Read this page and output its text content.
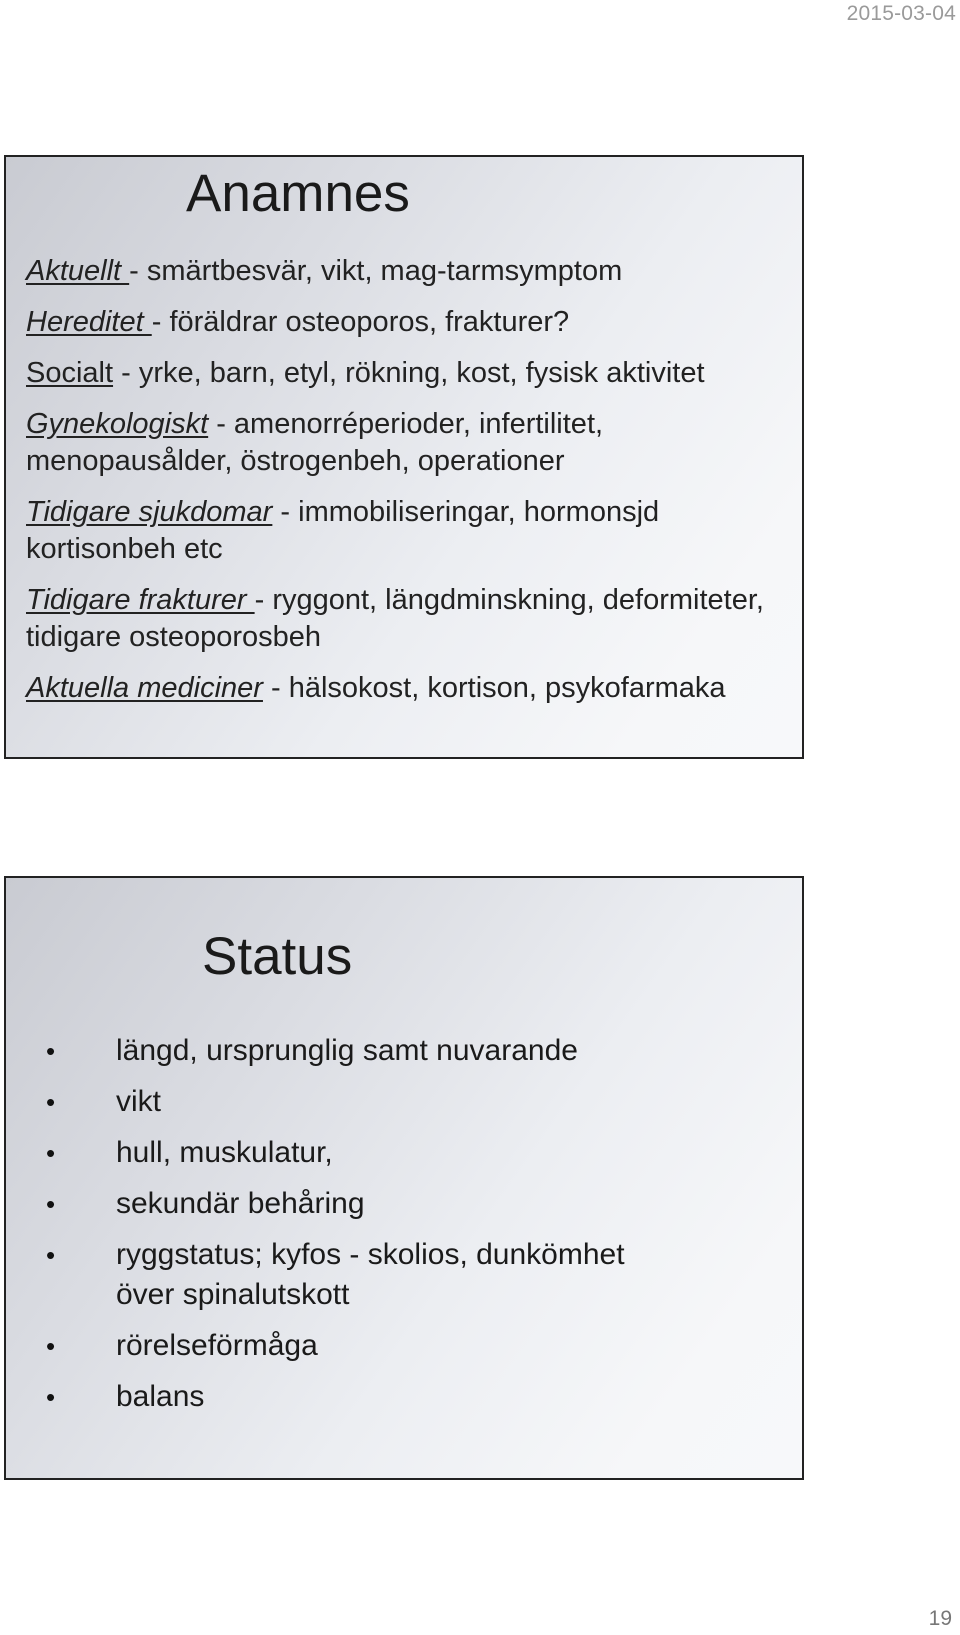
2015-03-04
Anamnes
Aktuellt - smärtbesvär, vikt, mag-tarmsymptom
Hereditet - föräldrar osteoporos, frakturer?
Socialt - yrke, barn, etyl, rökning, kost, fysisk aktivitet
Gynekologiskt - amenorréperioder, infertilitet, menopausålder, östrogenbeh, operationer
Tidigare sjukdomar - immobiliseringar, hormonsjd kortisonbeh etc
Tidigare frakturer - ryggont, längdminskning, deformiteter, tidigare osteoporosbeh
Aktuella mediciner - hälsokost, kortison, psykofarmaka
Status
• längd, ursprunglig samt nuvarande
• vikt
• hull, muskulatur,
• sekundär behåring
• ryggstatus; kyfos - skolios, dunkömhet över spinalutskott
• rörelseförmåga
• balans
19
